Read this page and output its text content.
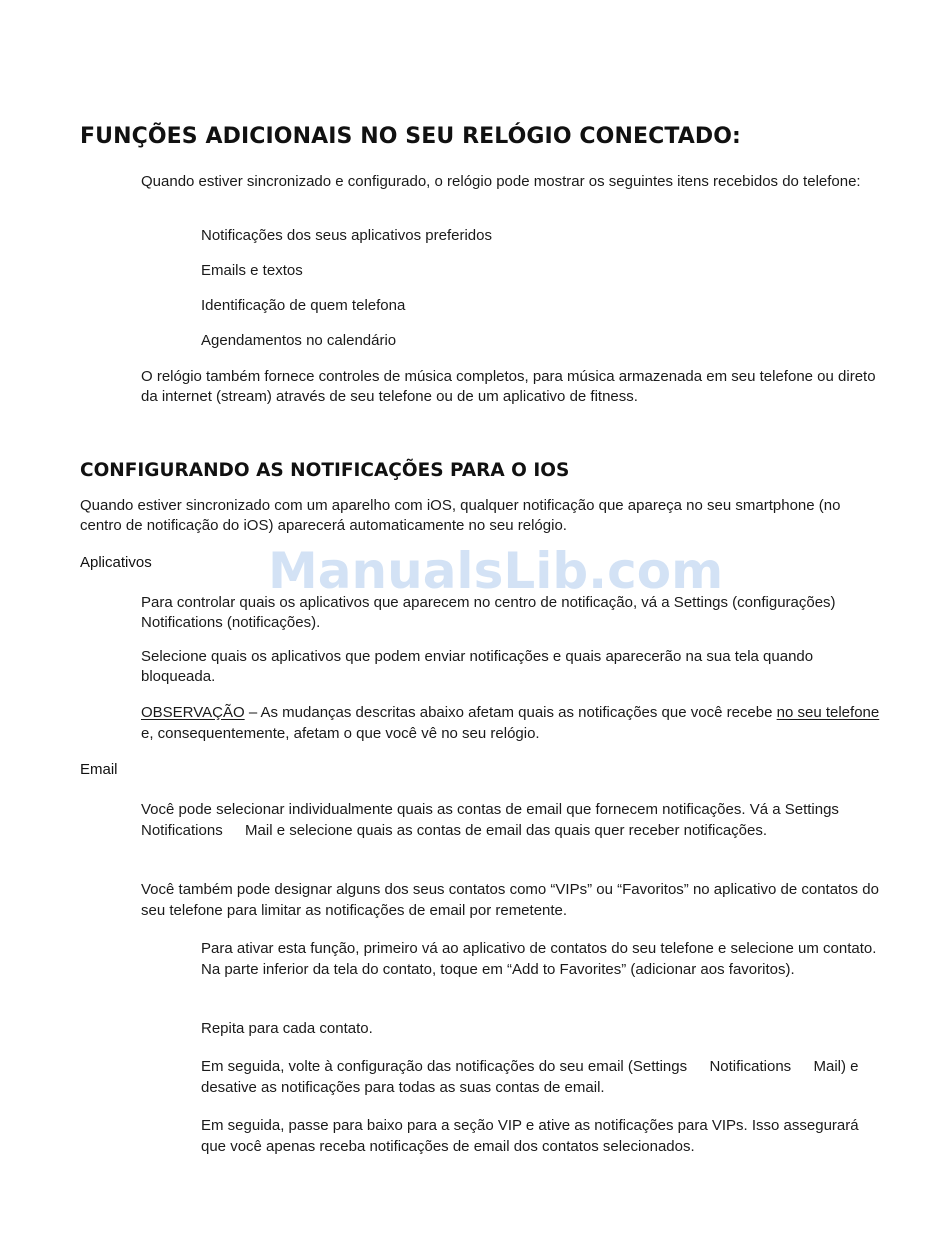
FUNÇÕES ADICIONAIS NO SEU RELÓGIO CONECTADO:

Quando estiver sincronizado e configurado, o relógio pode mostrar os seguintes itens recebidos do telefone:

Notificações dos seus aplicativos preferidos

Emails e textos

Identificação de quem telefona

Agendamentos no calendário

O relógio também fornece controles de música completos, para música armazenada em seu telefone ou direto da internet (stream) através de seu telefone ou de um aplicativo de fitness.

CONFIGURANDO AS NOTIFICAÇÕES PARA O IOS

Quando estiver sincronizado com um aparelho com iOS, qualquer notificação que apareça no seu smartphone (no centro de notificação do iOS) aparecerá automaticamente no seu relógio.

Aplicativos

Para controlar quais os aplicativos que aparecem no centro de notificação, vá a Settings (configurações) › Notifications (notificações).

Selecione quais os aplicativos que podem enviar notificações e quais aparecerão na sua tela quando bloqueada.

OBSERVAÇÃO – As mudanças descritas abaixo afetam quais as notificações que você recebe no seu telefone e, consequentemente, afetam o que você vê no seu relógio.

Email

Você pode selecionar individualmente quais as contas de email que fornecem notificações. Vá a Settings › Notifications › Mail e selecione quais as contas de email das quais quer receber notificações.

Você também pode designar alguns dos seus contatos como “VIPs” ou “Favoritos” no aplicativo de contatos do seu telefone para limitar as notificações de email por remetente.

Para ativar esta função, primeiro vá ao aplicativo de contatos do seu telefone e selecione um contato. Na parte inferior da tela do contato, toque em “Add to Favorites” (adicionar aos favoritos).

Repita para cada contato.

Em seguida, volte à configuração das notificações do seu email (Settings › Notifications › Mail) e desative as notificações para todas as suas contas de email.

Em seguida, passe para baixo para a seção VIP e ative as notificações para VIPs. Isso assegurará que você apenas receba notificações de email dos contatos selecionados.

ManualsLib.com
